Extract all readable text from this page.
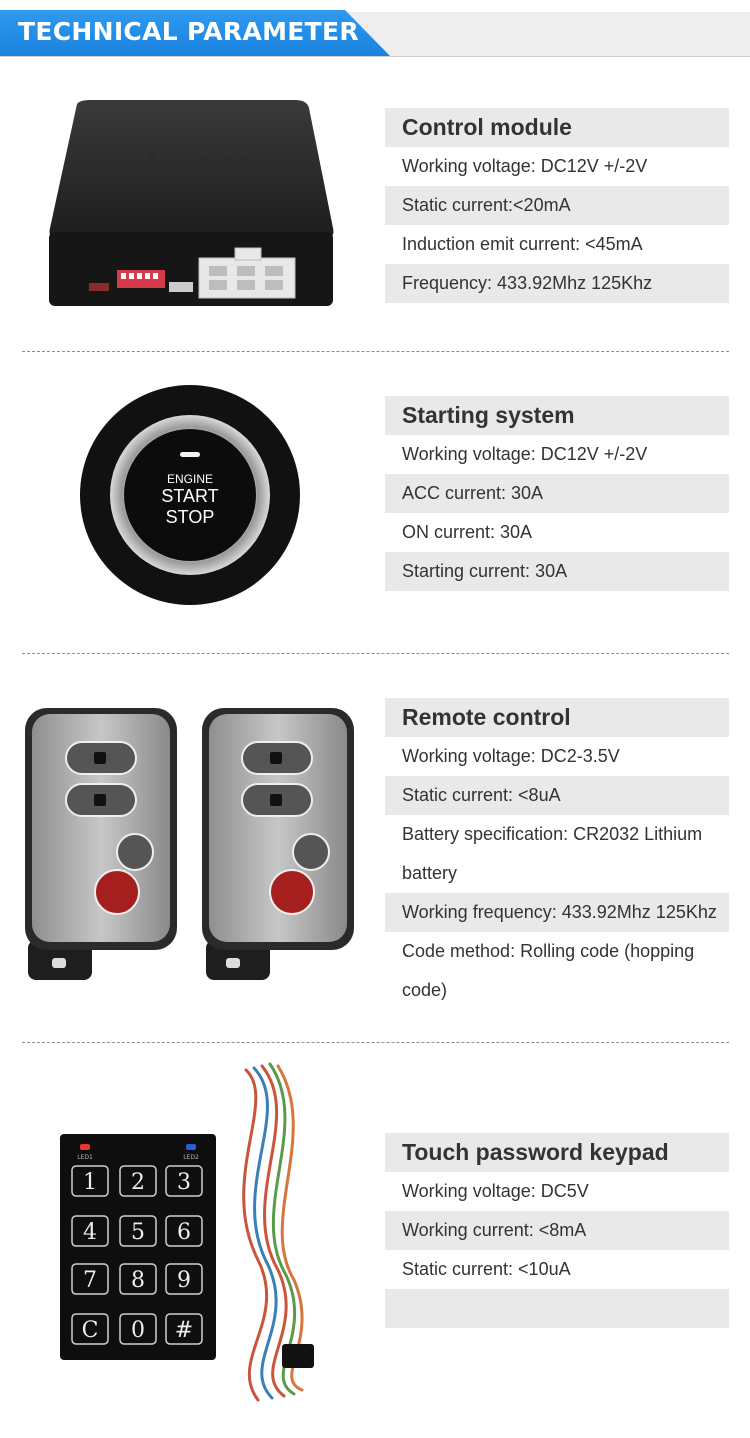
TECHNICAL PARAMETER
EASYGUARD
Control module
Working voltage: DC12V +/-2V
Static current:<20mA
Induction emit current: <45mA
Frequency: 433.92Mhz 125Khz
ENGINE
START
STOP
Starting system
Working voltage: DC12V +/-2V
ACC current: 30A
ON current: 30A
Starting current: 30A
Remote control
Working voltage: DC2-3.5V
Static current: <8uA
Battery specification: CR2032 Lithium battery
Working frequency: 433.92Mhz 125Khz
Code method: Rolling code (hopping code)
LED1	LED2
1 2 3
4 5 6
7 8 9
C 0 #
Touch password keypad
Working voltage: DC5V
Working current: <8mA
Static current: <10uA
